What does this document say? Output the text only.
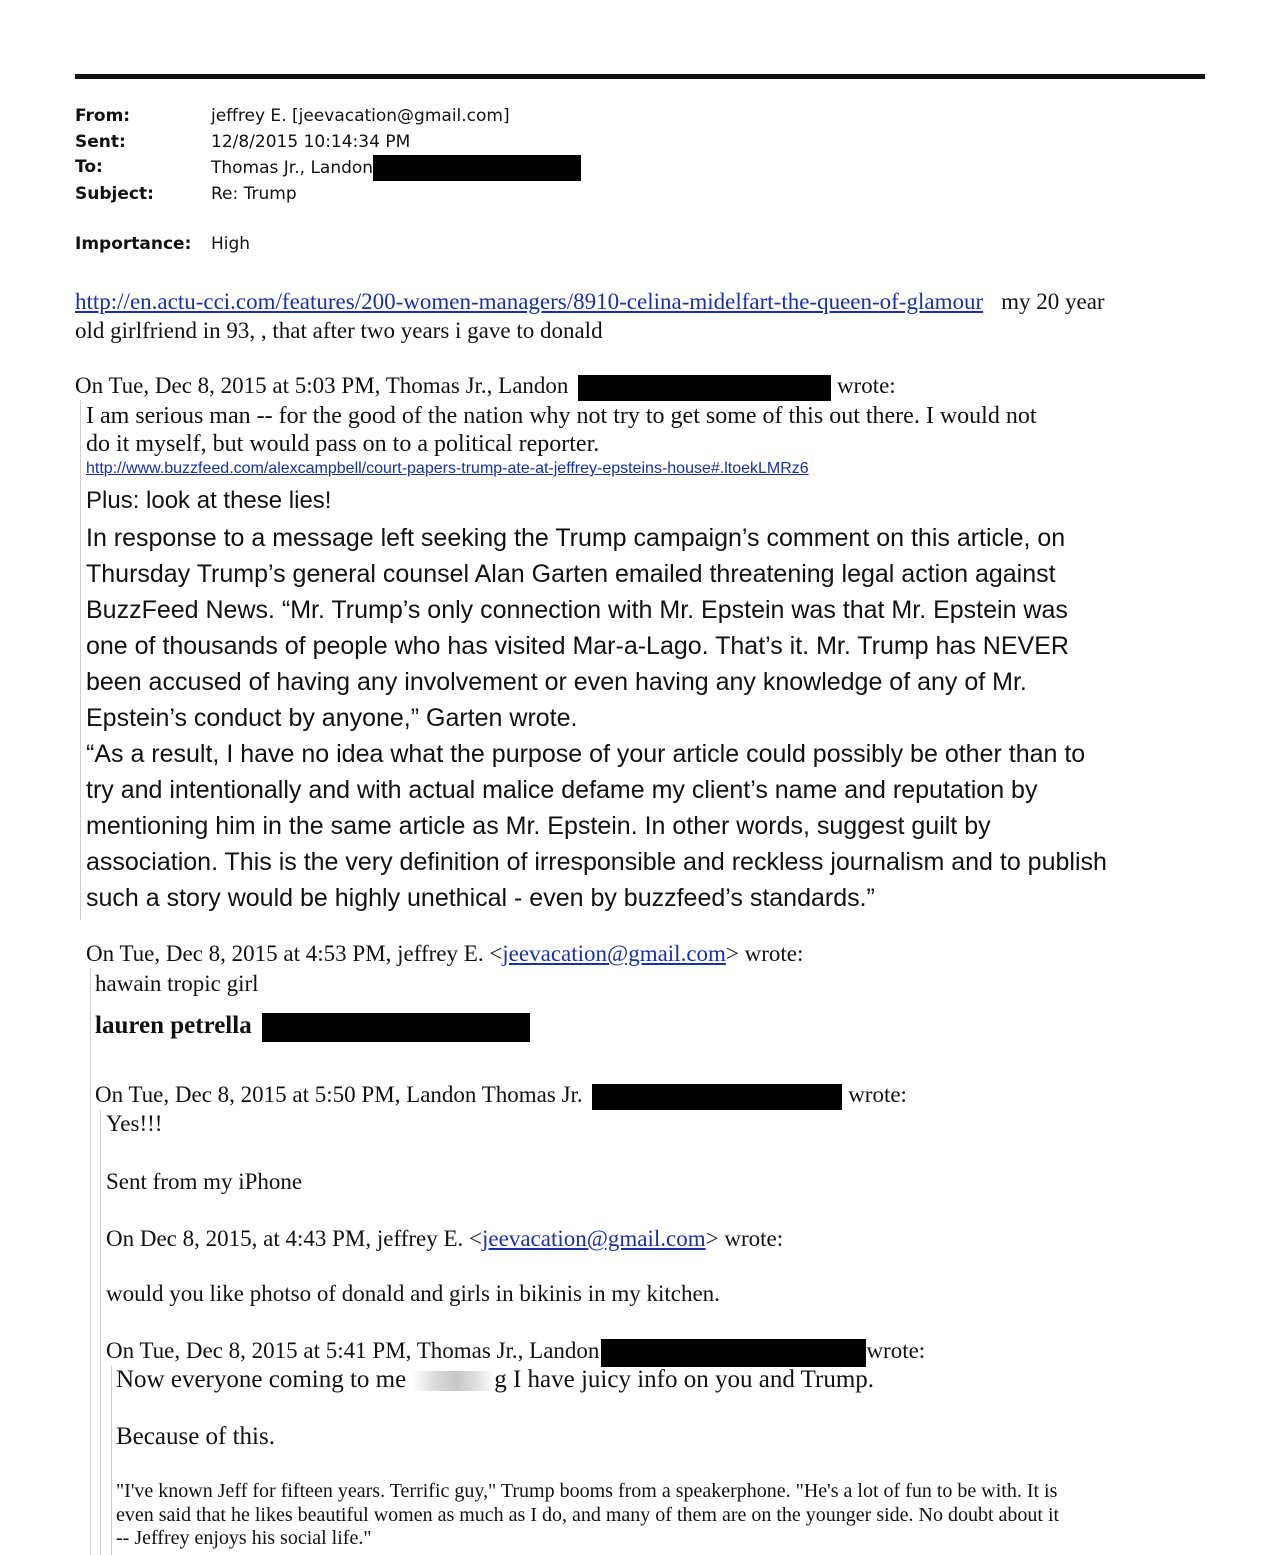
From:	jeffrey E. [jeevacation@gmail.com]
Sent:	12/8/2015 10:14:34 PM
To:	Thomas Jr., Landon
Subject:	Re: Trump
Importance:	High
http://en.actu-cci.com/features/200-women-managers/8910-celina-midelfart-the-queen-of-glamour my 20 year
old girlfriend in 93, , that after two years i gave to donald
On Tue, Dec 8, 2015 at 5:03 PM, Thomas Jr., Landon	wrote:
I am serious man -- for the good of the nation why not try to get some of this out there. I would not
do it myself, but would pass on to a political reporter.
http://www.buzzfeed.com/alexcampbell/court-papers-trump-ate-at-jeffrey-epsteins-house#.ltoekLMRz6
Plus: look at these lies!
In response to a message left seeking the Trump campaign’s comment on this article, on
Thursday Trump’s general counsel Alan Garten emailed threatening legal action against
BuzzFeed News. “Mr. Trump’s only connection with Mr. Epstein was that Mr. Epstein was
one of thousands of people who has visited Mar-a-Lago. That’s it. Mr. Trump has NEVER
been accused of having any involvement or even having any knowledge of any of Mr.
Epstein’s conduct by anyone,” Garten wrote.
“As a result, I have no idea what the purpose of your article could possibly be other than to
try and intentionally and with actual malice defame my client’s name and reputation by
mentioning him in the same article as Mr. Epstein. In other words, suggest guilt by
association. This is the very definition of irresponsible and reckless journalism and to publish
such a story would be highly unethical - even by buzzfeed’s standards.”
On Tue, Dec 8, 2015 at 4:53 PM, jeffrey E. <jeevacation@gmail.com> wrote:
hawain tropic girl
lauren petrella
On Tue, Dec 8, 2015 at 5:50 PM, Landon Thomas Jr.	wrote:
Yes!!!
Sent from my iPhone
On Dec 8, 2015, at 4:43 PM, jeffrey E. <jeevacation@gmail.com> wrote:
would you like photso of donald and girls in bikinis in my kitchen.
On Tue, Dec 8, 2015 at 5:41 PM, Thomas Jr., Landon	wrote:
Now everyone coming to me	g I have juicy info on you and Trump.
Because of this.
"I've known Jeff for fifteen years. Terrific guy," Trump booms from a speakerphone. "He's a lot of fun to be with. It is
even said that he likes beautiful women as much as I do, and many of them are on the younger side. No doubt about it
-- Jeffrey enjoys his social life."
